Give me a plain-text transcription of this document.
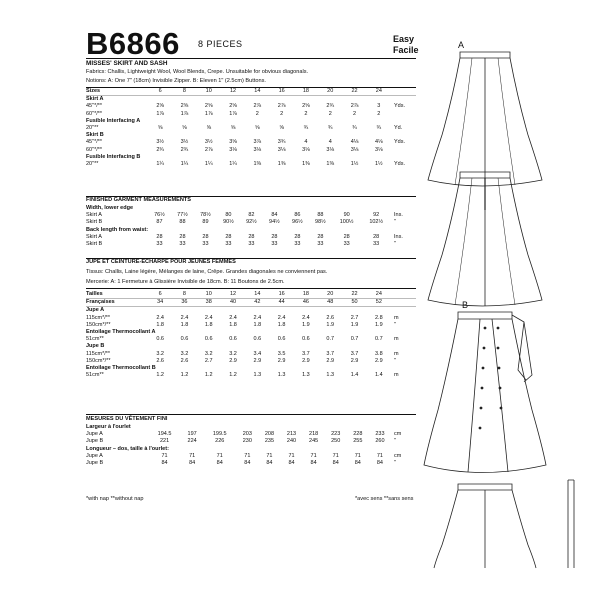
B6866 8 PIECES	Easy
Facile
MISSES' SKIRT AND SASH
Fabrics: Challis, Lightweight Wool, Wool Blends, Crepe. Unsuitable for obvious diagonals.
Notions: A: One 7" (18cm) Invisible Zipper. B: Eleven 1" (2.5cm) Buttons.
Sizes	6	8	10	12	14	16	18	20	22	24	
Skirt A											
45"*/**	2⅝	2⅝	2⅝	2⅝	2⅞	2⅞	2⅝	2¾	2⅞	3	Yds.
60"*/**	1⅞	1⅞	1⅞	1⅞	2	2	2	2	2	2	
Fusible Interfacing A											
20"**	⅝	⅝	⅝	⅝	⅝	⅝	¾	¾	¾	¾	Yd.
Skirt B											
45"*/**	3½	3½	3½	3⅝	3⅞	3¾	4	4	4⅛	4⅛	Yds.
60"*/**	2¾	2¾	2⅞	3⅛	3⅛	3⅛	3⅛	3⅛	3⅛	3⅛	
Fusible Interfacing B											
20"**	1¼	1¼	1¼	1¼	1⅜	1⅜	1⅜	1⅜	1½	1½	Yds.
FINISHED GARMENT MEASUREMENTS
Width, lower edge											
Skirt A	76½	77½	78½	80	82	84	86	88	90	92	Ins.
Skirt B	87	88	89	90½	92½	94½	96½	98½	100½	102½	"
Back length from waist:											
Skirt A	28	28	28	28	28	28	28	28	28	28	Ins.
Skirt B	33	33	33	33	33	33	33	33	33	33	"
JUPE ET CEINTURE-ÉCHARPE POUR JEUNES FEMMES
Tissus: Challis, Laine légère, Mélanges de laine, Crêpe. Grandes diagonales ne conviennent pas.
Mercerie: A: 1 Fermeture à Glissière Invisible de 18cm. B: 11 Boutons de 2.5cm.
Tailles	6	8	10	12	14	16	18	20	22	24	
Françaises	34	36	38	40	42	44	46	48	50	52	
Jupe A											
115cm*/**	2.4	2.4	2.4	2.4	2.4	2.4	2.4	2.6	2.7	2.8	m
150cm*/**	1.8	1.8	1.8	1.8	1.8	1.8	1.9	1.9	1.9	1.9	"
Entoilage Thermocollant A											
51cm**	0.6	0.6	0.6	0.6	0.6	0.6	0.6	0.7	0.7	0.7	m
Jupe B											
115cm*/**	3.2	3.2	3.2	3.2	3.4	3.5	3.7	3.7	3.7	3.8	m
150cm*/**	2.6	2.6	2.7	2.9	2.9	2.9	2.9	2.9	2.9	2.9	"
Entoilage Thermocollant B											
51cm**	1.2	1.2	1.2	1.2	1.3	1.3	1.3	1.3	1.4	1.4	m
MESURES DU VÊTEMENT FINI
Largeur à l'ourlet											
Jupe A	194.5	197	199.5	203	208	213	218	223	228	233	cm
Jupe B	221	224	226	230	235	240	245	250	255	260	"
Longueur – dos, taille à l'ourlet:											
Jupe A	71	71	71	71	71	71	71	71	71	71	cm
Jupe B	84	84	84	84	84	84	84	84	84	84	"
*with nap **without nap	*avec sens **sans sens
A
B
